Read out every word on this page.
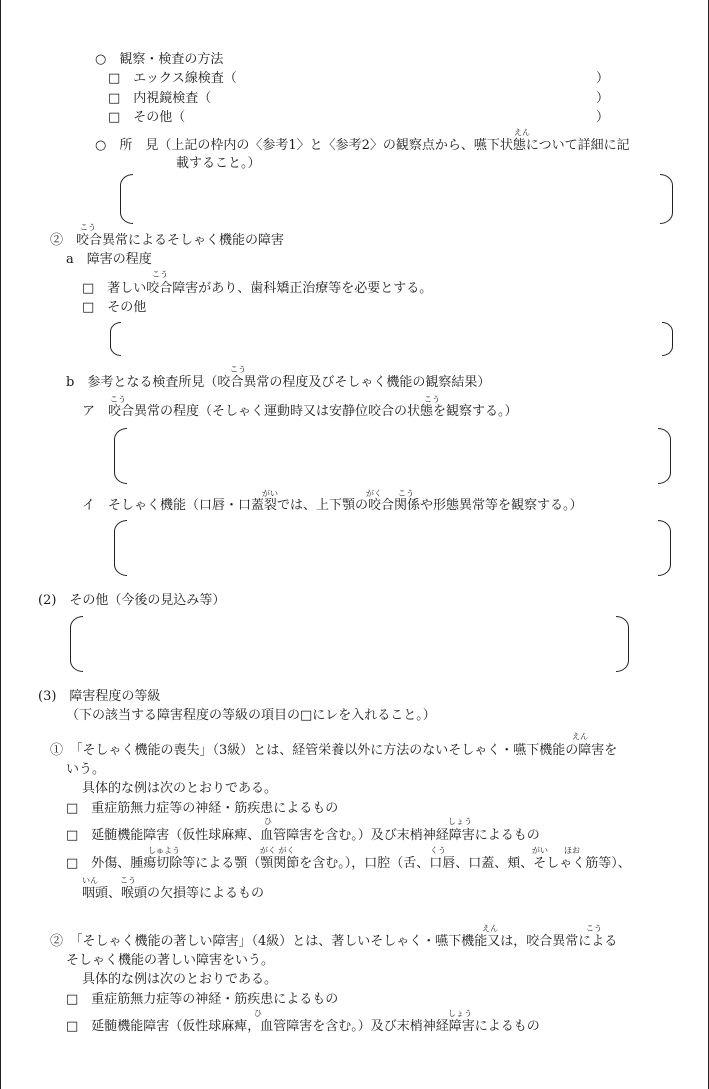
○　観察・検査の方法
□　エックス線検査（	）
□　内視鏡検査（	）
□　その他（	）
えん
○　所　見（上記の枠内の〈参考1〉と〈参考2〉の観察点から、嚥下状態について詳細に記
載すること。）
こう
②　咬合異常によるそしゃく機能の障害
a　障害の程度
こう
□　著しい咬合障害があり、歯科矯正治療等を必要とする。
□　その他
こう
b　参考となる検査所見（咬合異常の程度及びそしゃく機能の観察結果）
こう	こう
ア　咬合異常の程度（そしゃく運動時又は安静位咬合の状態を観察する。）
がい	がく こう
イ　そしゃく機能（口唇・口蓋裂では、上下顎の咬合関係や形態異常等を観察する。）
(2)　その他（今後の見込み等）
(3)　障害程度の等級
（下の該当する障害程度の等級の項目の□にレを入れること。）
えん
①　「そしゃく機能の喪失」（3級）とは、経管栄養以外に方法のないそしゃく・嚥下機能の障害を
いう。
具体的な例は次のとおりである。
□　重症筋無力症等の神経・筋疾患によるもの
ひ	しょう
□　延髄機能障害（仮性球麻痺、血管障害を含む。）及び末梢神経障害によるもの
しゅよう	がく がく	くう	がい ほお
□　外傷、腫瘍切除等による顎（顎関節を含む。），口腔（舌、口唇、口蓋、頬、そしゃく筋等）、
いん	こう
咽頭、喉頭の欠損等によるもの
えん	こう
②　「そしゃく機能の著しい障害」（4級）とは、著しいそしゃく・嚥下機能又は，咬合異常による
そしゃく機能の著しい障害をいう。
具体的な例は次のとおりである。
□　重症筋無力症等の神経・筋疾患によるもの
ひ	しょう
□　延髄機能障害（仮性球麻痺，血管障害を含む。）及び末梢神経障害によるもの
